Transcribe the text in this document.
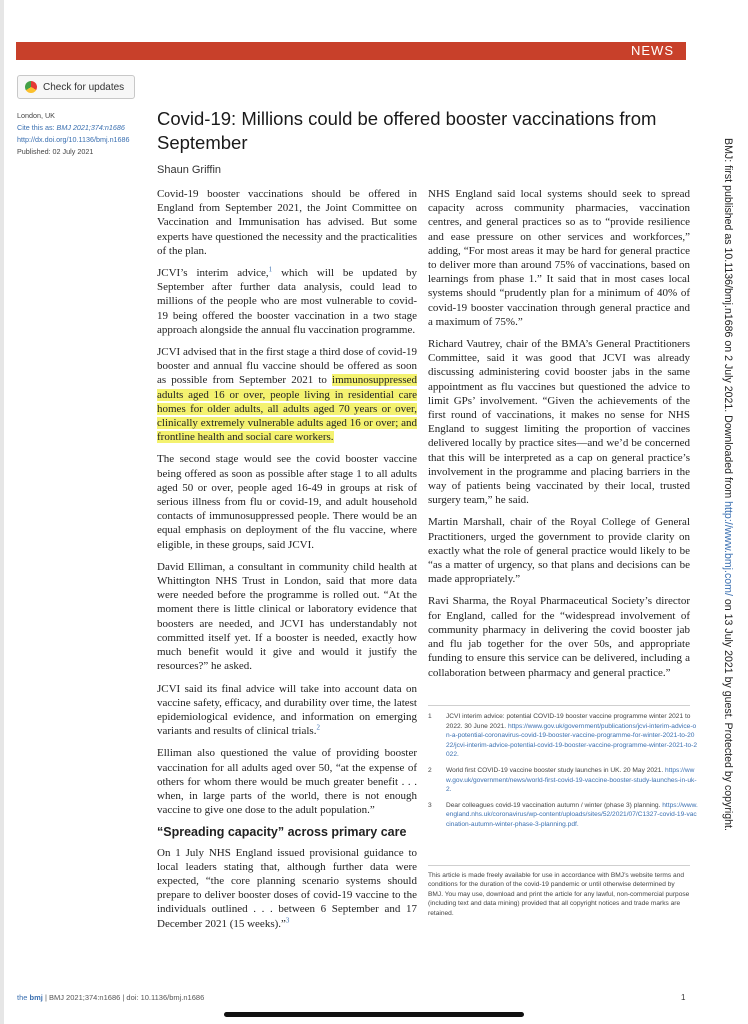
NEWS
Check for updates
London, UK
Cite this as: BMJ 2021;374:n1686
http://dx.doi.org/10.1136/bmj.n1686
Published: 02 July 2021
Covid-19: Millions could be offered booster vaccinations from September
Shaun Griffin

Covid-19 booster vaccinations should be offered in England from September 2021, the Joint Committee on Vaccination and Immunisation has advised. But some experts have questioned the necessity and the practicalities of the plan.

JCVI’s interim advice,$^1$ which will be updated by September after further data analysis, could lead to millions of the people who are most vulnerable to covid-19 being offered the booster vaccination in a two stage approach alongside the annual flu vaccination programme.

JCVI advised that in the first stage a third dose of covid-19 booster and annual flu vaccine should be offered as soon as possible from September 2021 to immunosuppressed adults aged 16 or over, people living in residential care homes for older adults, all adults aged 70 years or over, clinically extremely vulnerable adults aged 16 or over; and frontline health and social care workers.

The second stage would see the covid booster vaccine being offered as soon as possible after stage 1 to all adults aged 50 or over, people aged 16-49 in groups at risk of serious illness from flu or covid-19, and adult household contacts of immunosuppressed people. There would be an equal emphasis on deployment of the flu vaccine, where eligible, in these groups, said JCVI.

David Elliman, a consultant in community child health at Whittington NHS Trust in London, said that more data were needed before the programme is rolled out. “At the moment there is little clinical or laboratory evidence that boosters are needed, and JCVI has understandably not committed itself yet. If a booster is needed, exactly how much benefit would it give and would it justify the resources?” he asked.

JCVI said its final advice will take into account data on vaccine safety, efficacy, and durability over time, the latest epidemiological evidence, and information on emerging variants and results of clinical trials.$^2$

Elliman also questioned the value of providing booster vaccination for all adults aged over 50, “at the expense of others for whom there would be much greater benefit . . . when, in large parts of the world, there is not enough vaccine to give one dose to the adult population.”

“Spreading capacity” across primary care

On 1 July NHS England issued provisional guidance to local leaders stating that, although further data were expected, “the core planning scenario systems should prepare to deliver booster doses of covid-19 vaccine to the individuals outlined . . . between 6 September and 17 December 2021 (15 weeks).”$^3$

NHS England said local systems should seek to spread capacity across community pharmacies, vaccination centres, and general practices so as to “provide resilience and ease pressure on other services and workforces,” adding, “For most areas it may be hard for general practice to deliver more than around 75% of vaccinations, based on learnings from phase 1.” It said that in most cases local systems should “prudently plan for a minimum of 40% of covid-19 booster vaccination through general practice and a maximum of 75%.”

Richard Vautrey, chair of the BMA’s General Practitioners Committee, said it was good that JCVI was already discussing administering covid booster jabs in the same appointment as flu vaccines but questioned the advice to limit GPs’ involvement. “Given the achievements of the first round of vaccinations, it makes no sense for NHS England to suggest limiting the proportion of vaccines delivered locally by practice sites—and we’d be concerned that this will be interpreted as a cap on general practice’s involvement in the programme and placing barriers in the way of patients being vaccinated by their local, trusted surgery team,” he said.

Martin Marshall, chair of the Royal College of General Practitioners, urged the government to provide clarity on exactly what the role of general practice would likely to be “as a matter of urgency, so that plans and decisions can be made appropriately.”

Ravi Sharma, the Royal Pharmaceutical Society’s director for England, called for the “widespread involvement of community pharmacy in delivering the covid booster jab and flu jab together for the over 50s, and appropriate funding to ensure this service can be delivered, including a collaboration between pharmacy and general practice.”

1	JCVI interim advice: potential COVID-19 booster vaccine programme winter 2021 to 2022. 30 June 2021. https://www.gov.uk/government/publications/jcvi-interim-advice-on-a-potential-coronavirus-covid-19-booster-vaccine-programme-for-winter-2021-to-2022/jcvi-interim-advice-potential-covid-19-booster-vaccine-programme-winter-2021-to-2022.
2	World first COVID-19 vaccine booster study launches in UK. 20 May 2021. https://www.gov.uk/government/news/world-first-covid-19-vaccine-booster-study-launches-in-uk-2.
3	Dear colleagues covid-19 vaccination autumn / winter (phase 3) planning. https://www.england.nhs.uk/coronavirus/wp-content/uploads/sites/52/2021/07/C1327-covid-19-vaccination-autumn-winter-phase-3-planning.pdf.
This article is made freely available for use in accordance with BMJ’s website terms and conditions for the duration of the covid-19 pandemic or until otherwise determined by BMJ. You may use, download and print the article for any lawful, non-commercial purpose (including text and data mining) provided that all copyright notices and trade marks are retained.
BMJ: first published as 10.1136/bmj.n1686 on 2 July 2021. Downloaded from http://www.bmj.com/ on 13 July 2021 by guest. Protected by copyright.
the bmj | BMJ 2021;374:n1686 | doi: 10.1136/bmj.n1686	1
